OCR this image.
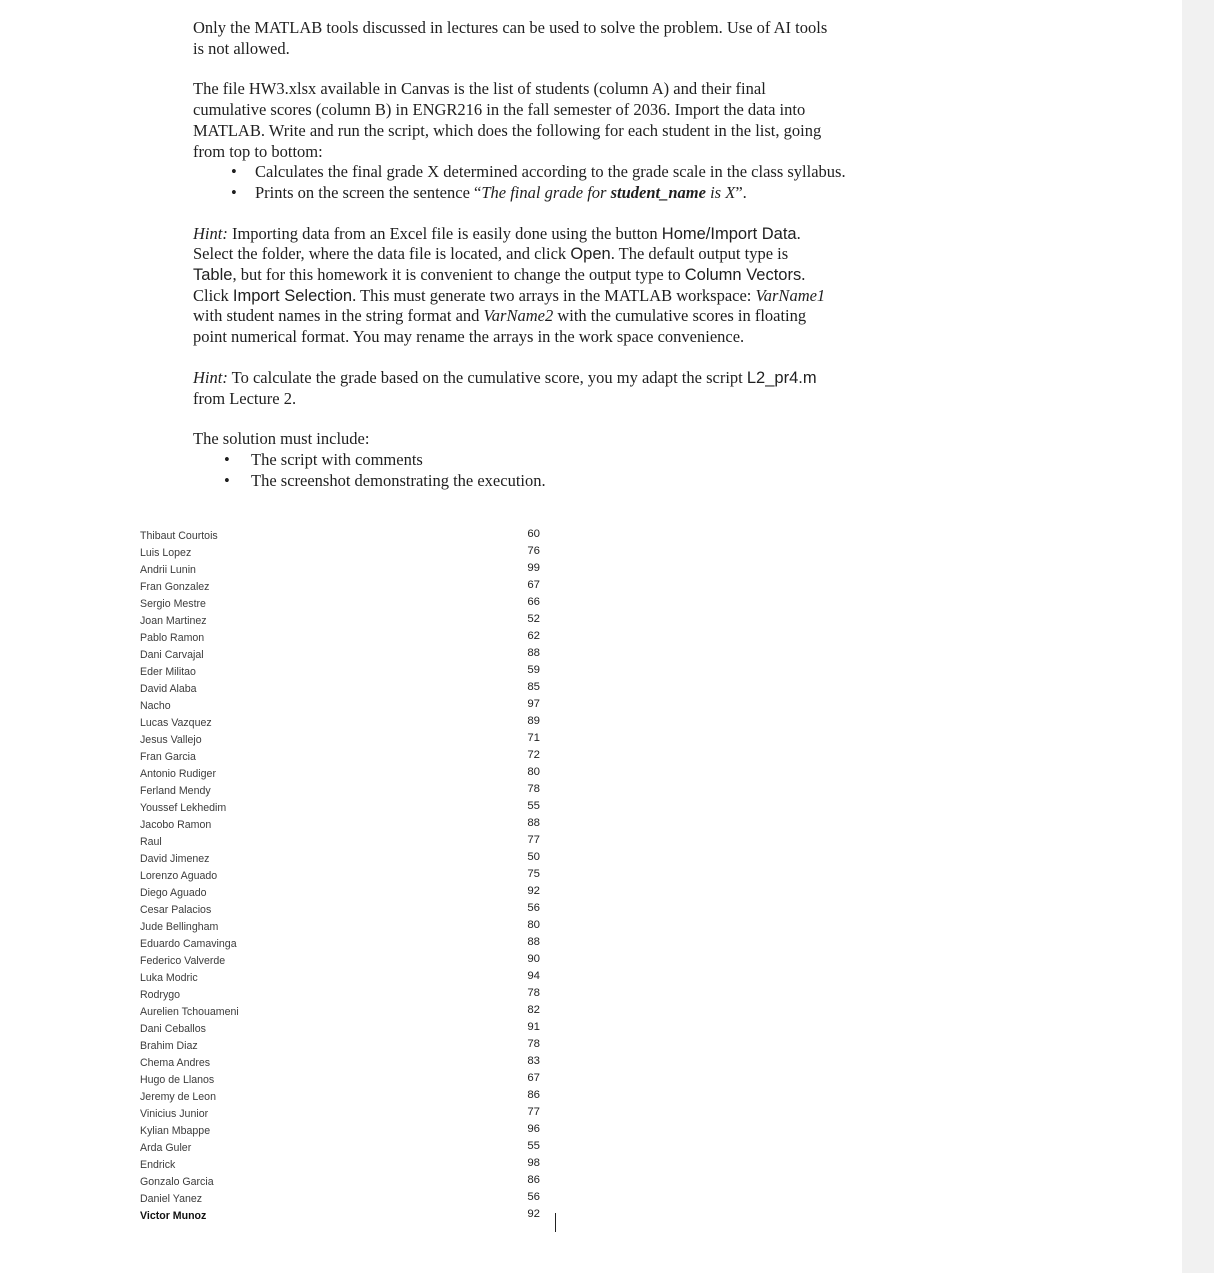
Only the MATLAB tools discussed in lectures can be used to solve the problem. Use of AI tools
is not allowed.

The file HW3.xlsx available in Canvas is the list of students (column A) and their final
cumulative scores (column B) in ENGR216 in the fall semester of 2036. Import the data into
MATLAB. Write and run the script, which does the following for each student in the list, going
from top to bottom:

• Calculates the final grade X determined according to the grade scale in the class syllabus.
• Prints on the screen the sentence “The final grade for student_name is X”.

Hint: Importing data from an Excel file is easily done using the button Home/Import Data.
Select the folder, where the data file is located, and click Open. The default output type is
Table, but for this homework it is convenient to change the output type to Column Vectors.
Click Import Selection. This must generate two arrays in the MATLAB workspace: VarName1
with student names in the string format and VarName2 with the cumulative scores in floating
point numerical format. You may rename the arrays in the work space convenience.

Hint: To calculate the grade based on the cumulative score, you my adapt the script L2_pr4.m
from Lecture 2.

The solution must include:

• The script with comments
• The screenshot demonstrating the execution.
Thibaut Courtois	60
Luis Lopez	76
Andrii Lunin	99
Fran Gonzalez	67
Sergio Mestre	66
Joan Martinez	52
Pablo Ramon	62
Dani Carvajal	88
Eder Militao	59
David Alaba	85
Nacho	97
Lucas Vazquez	89
Jesus Vallejo	71
Fran Garcia	72
Antonio Rudiger	80
Ferland Mendy	78
Youssef Lekhedim	55
Jacobo Ramon	88
Raul	77
David Jimenez	50
Lorenzo Aguado	75
Diego Aguado	92
Cesar Palacios	56
Jude Bellingham	80
Eduardo Camavinga	88
Federico Valverde	90
Luka Modric	94
Rodrygo	78
Aurelien Tchouameni	82
Dani Ceballos	91
Brahim Diaz	78
Chema Andres	83
Hugo de Llanos	67
Jeremy de Leon	86
Vinicius Junior	77
Kylian Mbappe	96
Arda Guler	55
Endrick	98
Gonzalo Garcia	86
Daniel Yanez	56
Victor Munoz	92
